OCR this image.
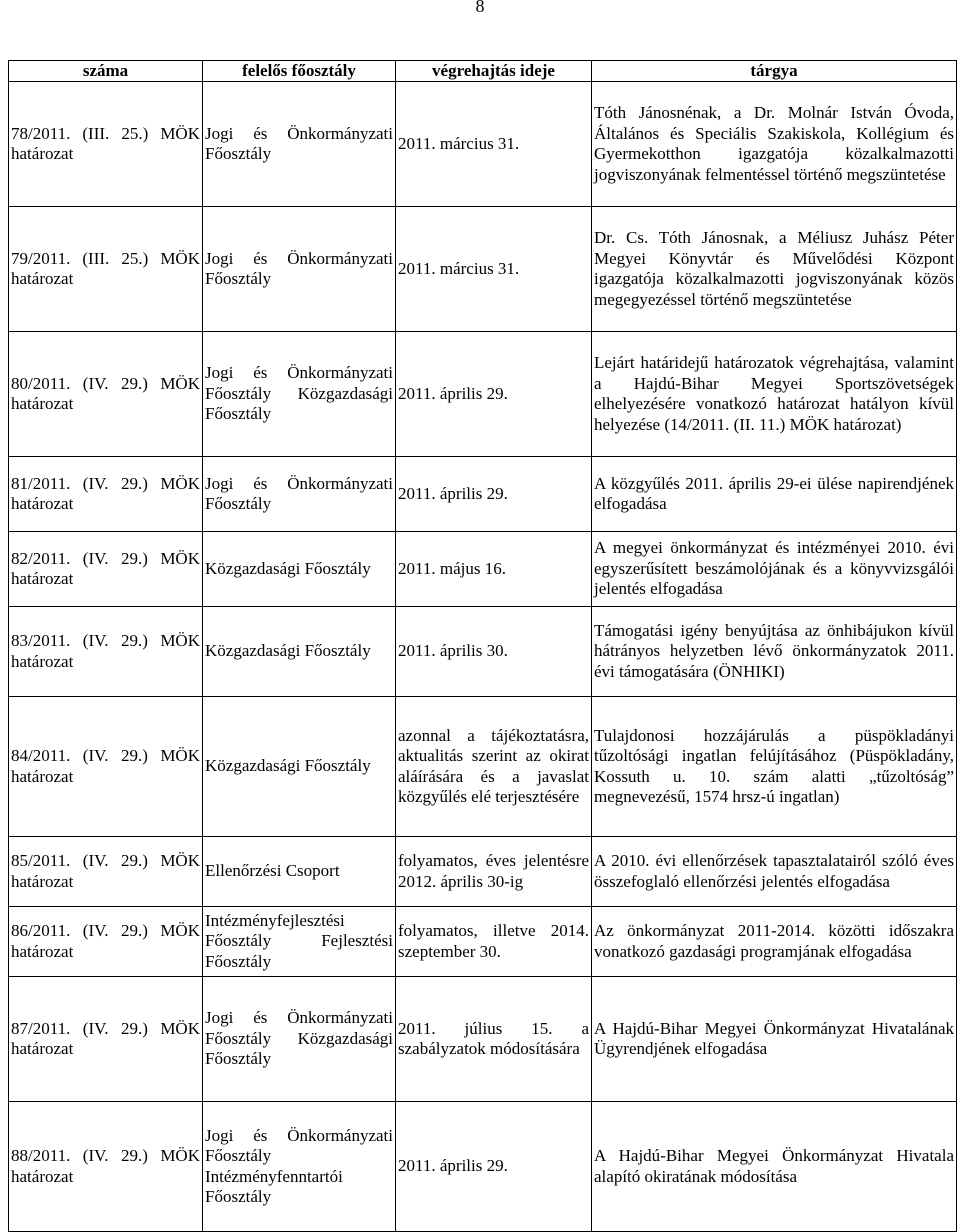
8
száma	felelős főosztály	végrehajtás ideje	tárgya
78/2011. (III. 25.) MÖK határozat	Jogi és Önkormányzati Főosztály	2011. március 31.	Tóth Jánosnénak, a Dr. Molnár István Óvoda, Általános és Speciális Szakiskola, Kollégium és Gyermekotthon igazgatója közalkalmazotti jogviszonyának felmentéssel történő megszüntetése
79/2011. (III. 25.) MÖK határozat	Jogi és Önkormányzati Főosztály	2011. március 31.	Dr. Cs. Tóth Jánosnak, a Méliusz Juhász Péter Megyei Könyvtár és Művelődési Központ igazgatója közalkalmazotti jogviszonyának közös megegyezéssel történő megszüntetése
80/2011. (IV. 29.) MÖK határozat	Jogi és Önkormányzati Főosztály Közgazdasági Főosztály	2011. április 29.	Lejárt határidejű határozatok végrehajtása, valamint a Hajdú-Bihar Megyei Sportszövetségek elhelyezésére vonatkozó határozat hatályon kívül helyezése (14/2011. (II. 11.) MÖK határozat)
81/2011. (IV. 29.) MÖK határozat	Jogi és Önkormányzati Főosztály	2011. április 29.	A közgyűlés 2011. április 29-ei ülése napirendjének elfogadása
82/2011. (IV. 29.) MÖK határozat	Közgazdasági Főosztály	2011. május 16.	A megyei önkormányzat és intézményei 2010. évi egyszerűsített beszámolójának és a könyvvizsgálói jelentés elfogadása
83/2011. (IV. 29.) MÖK határozat	Közgazdasági Főosztály	2011. április 30.	Támogatási igény benyújtása az önhibájukon kívül hátrányos helyzetben lévő önkormányzatok 2011. évi támogatására (ÖNHIKI)
84/2011. (IV. 29.) MÖK határozat	Közgazdasági Főosztály	azonnal a tájékoztatásra, aktualitás szerint az okirat aláírására és a javaslat közgyűlés elé terjesztésére	Tulajdonosi hozzájárulás a püspökladányi tűzoltósági ingatlan felújításához (Püspökladány, Kossuth u. 10. szám alatti „tűzoltóság” megnevezésű, 1574 hrsz-ú ingatlan)
85/2011. (IV. 29.) MÖK határozat	Ellenőrzési Csoport	folyamatos, éves jelentésre 2012. április 30-ig	A 2010. évi ellenőrzések tapasztalatairól szóló éves összefoglaló ellenőrzési jelentés elfogadása
86/2011. (IV. 29.) MÖK határozat	Intézményfejlesztési Főosztály Fejlesztési Főosztály	folyamatos, illetve 2014. szeptember 30.	Az önkormányzat 2011-2014. közötti időszakra vonatkozó gazdasági programjának elfogadása
87/2011. (IV. 29.) MÖK határozat	Jogi és Önkormányzati Főosztály Közgazdasági Főosztály	2011. július 15. a szabályzatok módosítására	A Hajdú-Bihar Megyei Önkormányzat Hivatalának Ügyrendjének elfogadása
88/2011. (IV. 29.) MÖK határozat	Jogi és Önkormányzati Főosztály Intézményfenntartói Főosztály	2011. április 29.	A Hajdú-Bihar Megyei Önkormányzat Hivatala alapító okiratának módosítása
